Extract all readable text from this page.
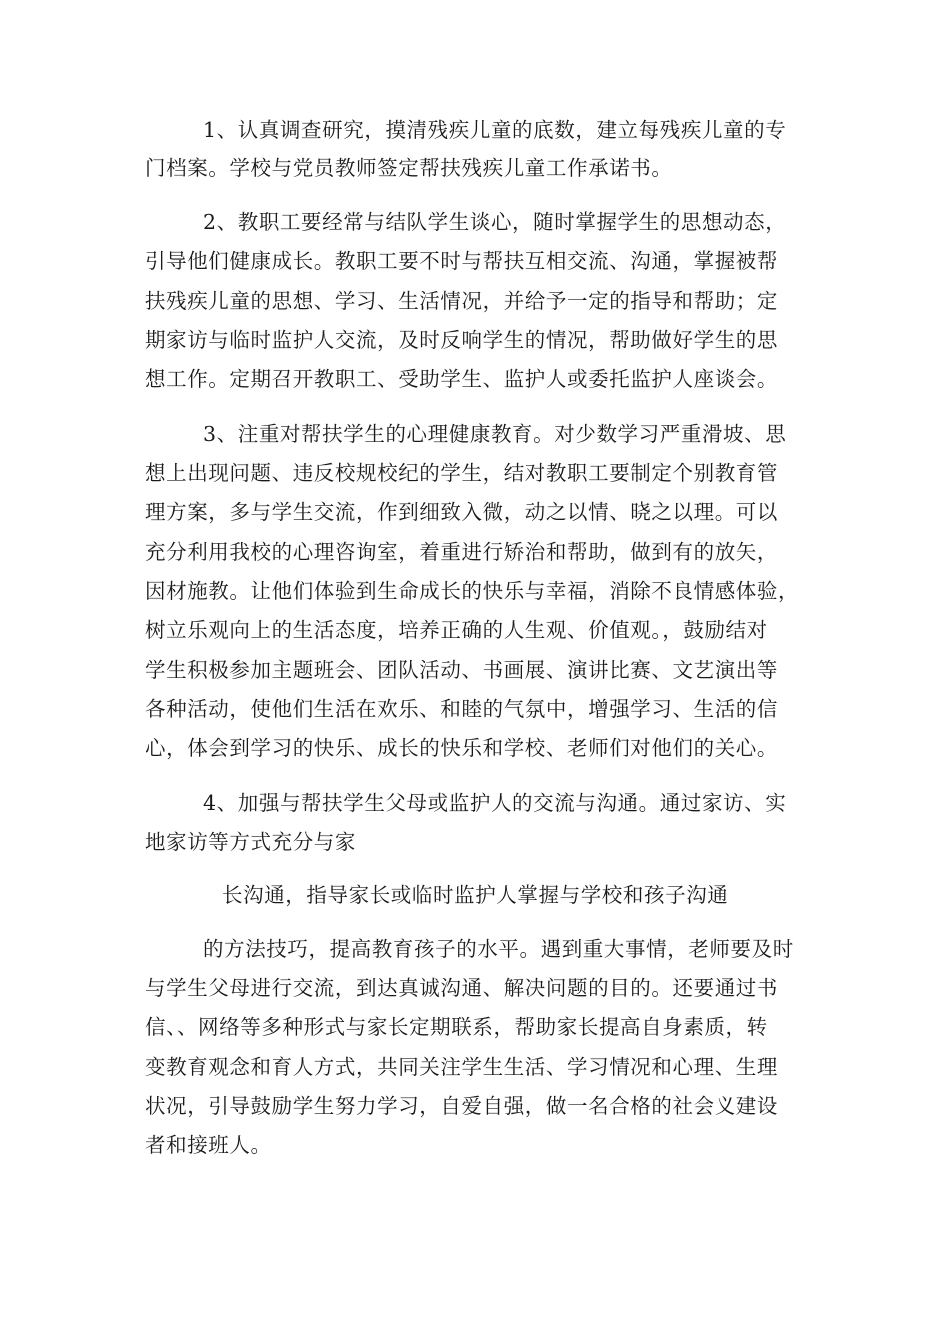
1、认真调查研究，摸清残疾儿童的底数，建立每残疾儿童的专
门档案。学校与党员教师签定帮扶残疾儿童工作承诺书。
2、教职工要经常与结队学生谈心，随时掌握学生的思想动态，
引导他们健康成长。教职工要不时与帮扶互相交流、沟通，掌握被帮
扶残疾儿童的思想、学习、生活情况，并给予一定的指导和帮助；定
期家访与临时监护人交流，及时反响学生的情况，帮助做好学生的思
想工作。定期召开教职工、受助学生、监护人或委托监护人座谈会。
3、注重对帮扶学生的心理健康教育。对少数学习严重滑坡、思
想上出现问题、违反校规校纪的学生，结对教职工要制定个别教育管
理方案，多与学生交流，作到细致入微，动之以情、晓之以理。可以
充分利用我校的心理咨询室，着重进行矫治和帮助，做到有的放矢，
因材施教。让他们体验到生命成长的快乐与幸福，消除不良情感体验，
树立乐观向上的生活态度，培养正确的人生观、价值观。，鼓励结对
学生积极参加主题班会、团队活动、书画展、演讲比赛、文艺演出等
各种活动，使他们生活在欢乐、和睦的气氛中，增强学习、生活的信
心，体会到学习的快乐、成长的快乐和学校、老师们对他们的关心。
4、加强与帮扶学生父母或监护人的交流与沟通。通过家访、实
地家访等方式充分与家
长沟通，指导家长或临时监护人掌握与学校和孩子沟通
的方法技巧，提高教育孩子的水平。遇到重大事情，老师要及时
与学生父母进行交流，到达真诚沟通、解决问题的目的。还要通过书
信、、网络等多种形式与家长定期联系，帮助家长提高自身素质，转
变教育观念和育人方式，共同关注学生生活、学习情况和心理、生理
状况，引导鼓励学生努力学习，自爱自强，做一名合格的社会义建设
者和接班人。
